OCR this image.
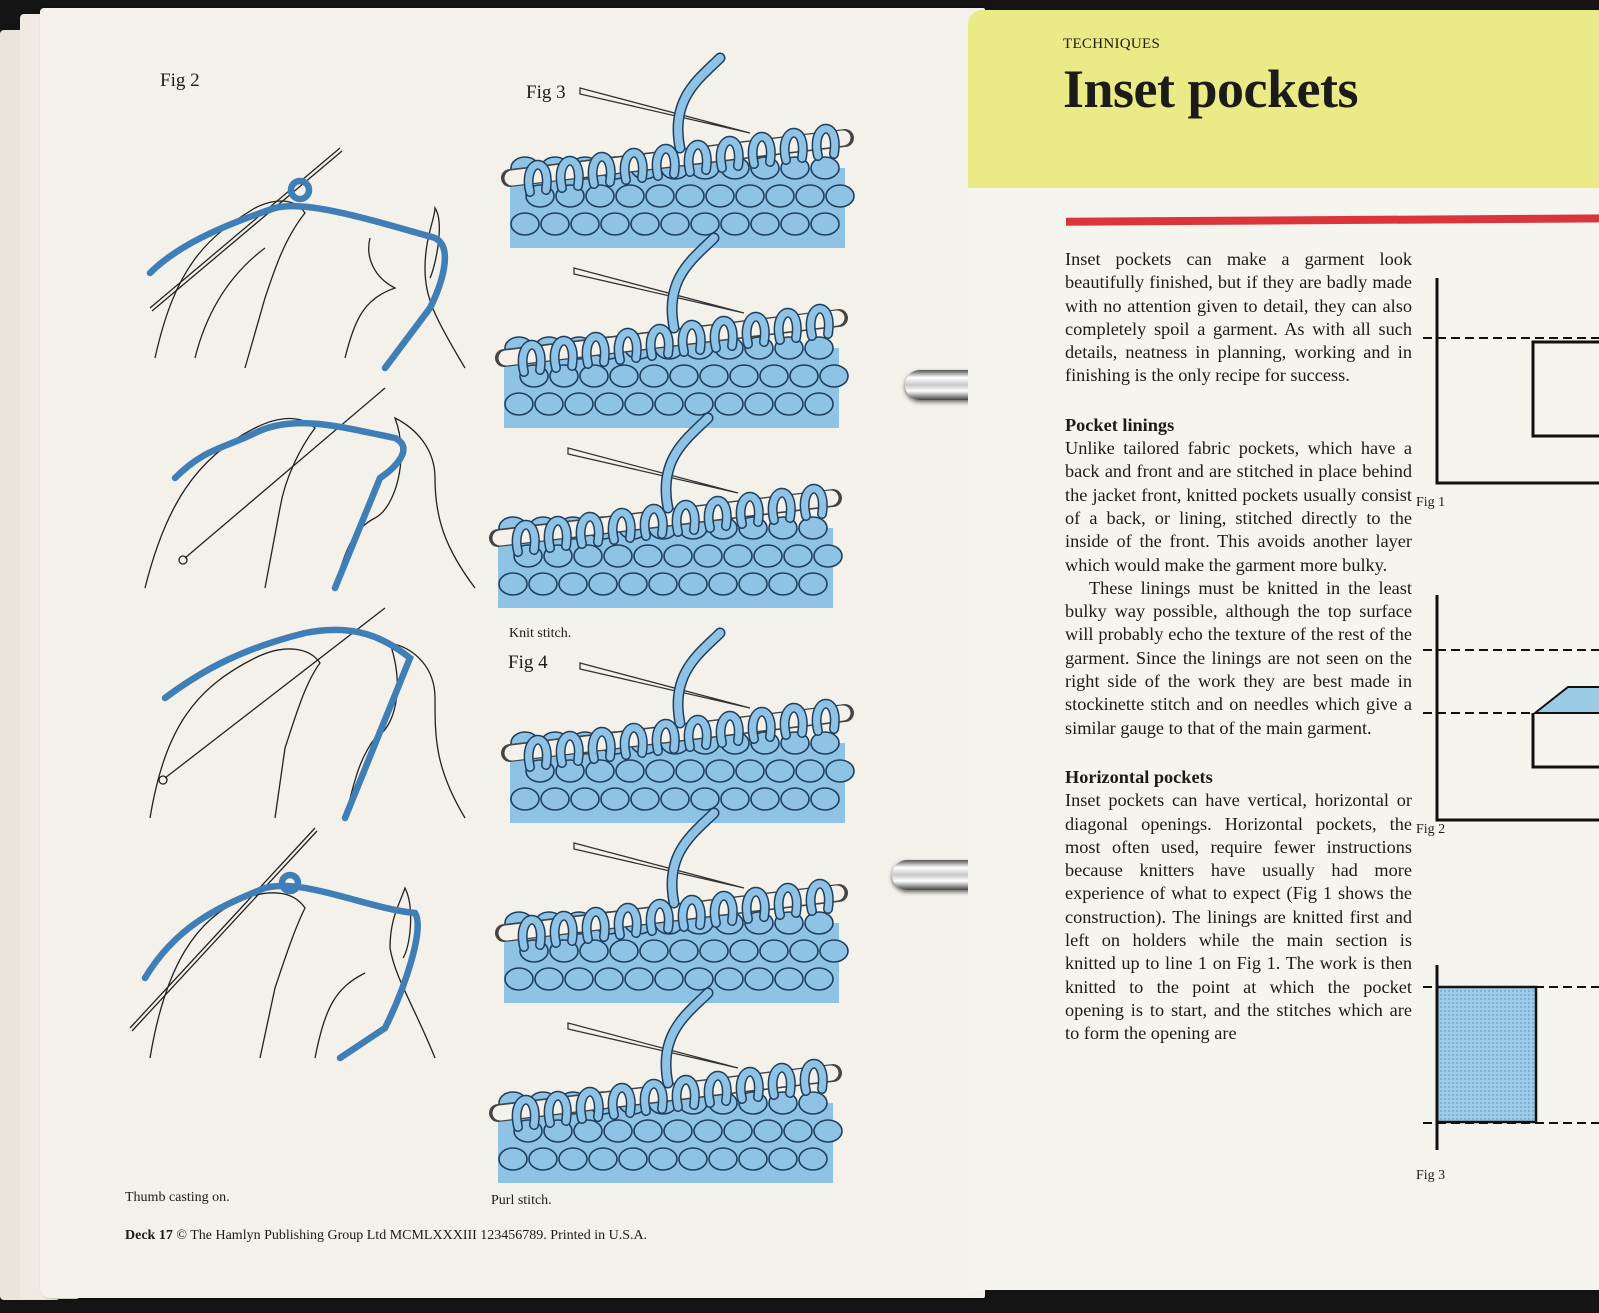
Fig 2
Fig 3
Fig 4
Knit stitch.
Thumb casting on.	Purl stitch.
Deck 17 © The Hamlyn Publishing Group Ltd MCMLXXXIII 123456789. Printed in U.S.A.
TECHNIQUES
Inset pockets

Inset pockets can make a garment look beautifully finished, but if they are badly made with no attention given to detail, they can also completely spoil a garment. As with all such details, neatness in planning, working and in finishing is the only recipe for success.

Pocket linings

Unlike tailored fabric pockets, which have a back and front and are stitched in place behind the jacket front, knitted pockets usually consist of a back, or lining, stitched directly to the inside of the front. This avoids another layer which would make the garment more bulky.

These linings must be knitted in the least bulky way possible, although the top surface will probably echo the texture of the rest of the garment. Since the linings are not seen on the right side of the work they are best made in stockinette stitch and on needles which give a similar gauge to that of the main garment.

Horizontal pockets

Inset pockets can have vertical, horizontal or diagonal openings. Horizontal pockets, the most often used, require fewer instructions because knitters have usually had more experience of what to expect (Fig 1 shows the construction). The linings are knitted first and left on holders while the main section is knitted up to line 1 on Fig 1. The work is then knitted to the point at which the pocket opening is to start, and the stitches which are to form the opening are

Fig 1
Fig 2
Fig 3
